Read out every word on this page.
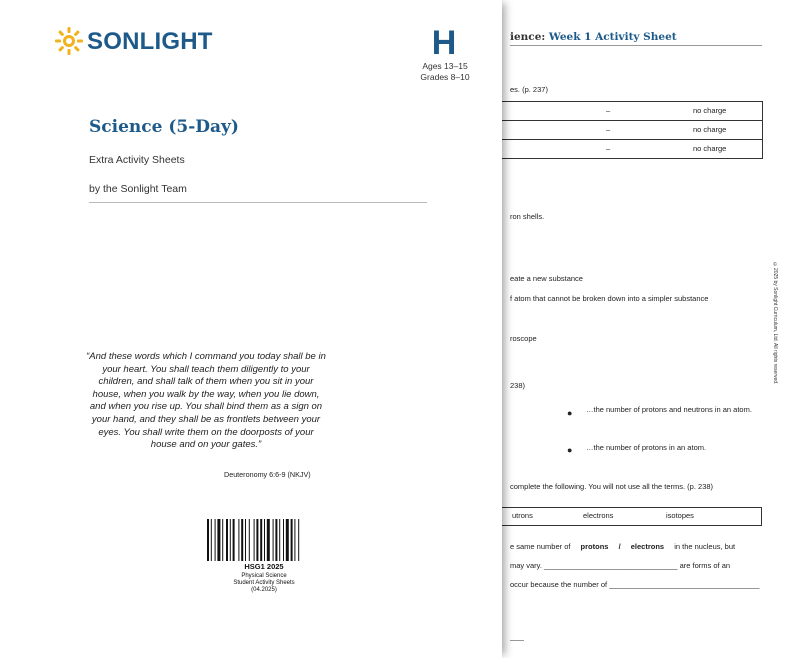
ience: Week 1 Activity Sheet
es. (p. 237)
–	no charge
–	no charge
–	no charge
ron shells.
eate a new substance
f atom that cannot be broken down into a simpler substance
roscope
238)
● …the number of protons and neutrons in an atom.
● …the number of protons in an atom.
complete the following. You will not use all the terms. (p. 238)
utrons	electrons	isotopes
e same number of protons / electrons in the nucleus, but
may vary. ________________________________ are forms of an
occur because the number of ____________________________________
©2025 by Sonlight Curriculum, Ltd. All rights reserved.
SONLIGHT	H
Ages 13–15
Grades 8–10
Science (5-Day)
Extra Activity Sheets
by the Sonlight Team
“And these words which I command you today shall be in your heart. You shall teach them diligently to your children, and shall talk of them when you sit in your house, when you walk by the way, when you lie down, and when you rise up. You shall bind them as a sign on your hand, and they shall be as frontlets between your eyes. You shall write them on the doorposts of your house and on your gates.”
Deuteronomy 6:6-9 (NKJV)
HSG1 2025
Physical Science
Student Activity Sheets
(04.2025)
